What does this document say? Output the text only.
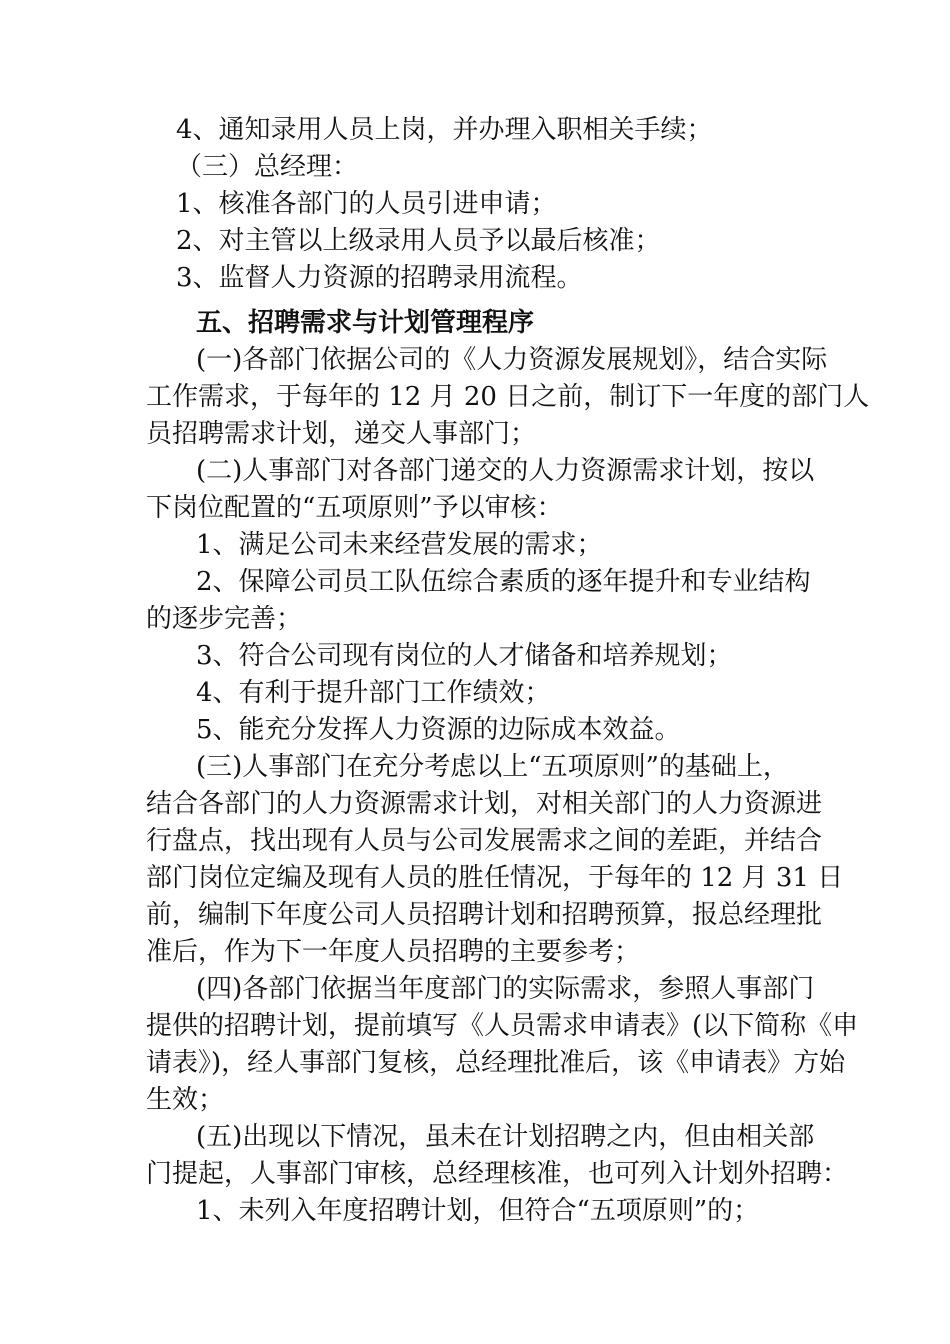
4、通知录用人员上岗，并办理入职相关手续；
（三）总经理：
1、核准各部门的人员引进申请；
2、对主管以上级录用人员予以最后核准；
3、监督人力资源的招聘录用流程。
五、招聘需求与计划管理程序
(一)各部门依据公司的《人力资源发展规划》，结合实际
工作需求，于每年的 12 月 20 日之前，制订下一年度的部门人
员招聘需求计划，递交人事部门；
(二)人事部门对各部门递交的人力资源需求计划，按以
下岗位配置的“五项原则”予以审核：
1、满足公司未来经营发展的需求；
2、保障公司员工队伍综合素质的逐年提升和专业结构
的逐步完善；
3、符合公司现有岗位的人才储备和培养规划；
4、有利于提升部门工作绩效；
5、能充分发挥人力资源的边际成本效益。
(三)人事部门在充分考虑以上“五项原则”的基础上，
结合各部门的人力资源需求计划，对相关部门的人力资源进
行盘点，找出现有人员与公司发展需求之间的差距，并结合
部门岗位定编及现有人员的胜任情况，于每年的 12 月 31 日
前，编制下年度公司人员招聘计划和招聘预算，报总经理批
准后，作为下一年度人员招聘的主要参考；
(四)各部门依据当年度部门的实际需求，参照人事部门
提供的招聘计划，提前填写《人员需求申请表》(以下简称《申
请表》)，经人事部门复核，总经理批准后，该《申请表》方始
生效；
(五)出现以下情况，虽未在计划招聘之内，但由相关部
门提起，人事部门审核，总经理核准，也可列入计划外招聘：
1、未列入年度招聘计划，但符合“五项原则”的；
